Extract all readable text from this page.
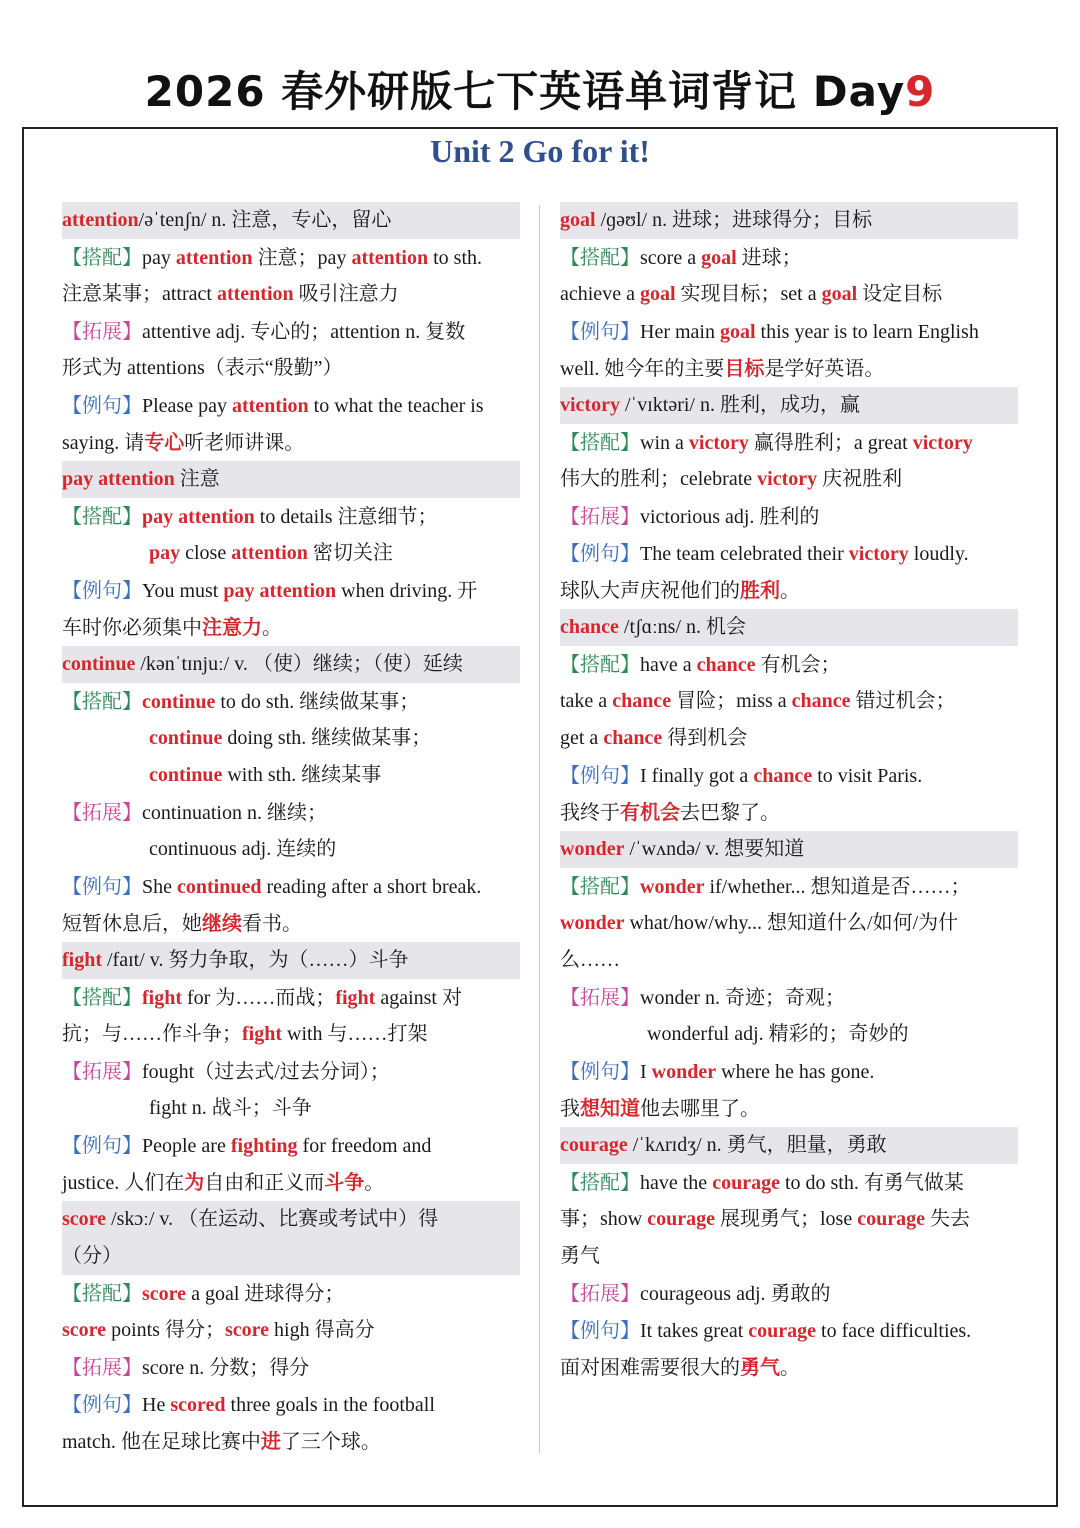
2026 春外研版七下英语单词背记 Day9
Unit 2 Go for it!
attention/əˈtenʃn/ n. 注意，专心，留心
【搭配】pay attention 注意；pay attention to sth.
注意某事；attract attention 吸引注意力
【拓展】attentive adj. 专心的；attention n. 复数
形式为 attentions（表示“殷勤”）
【例句】Please pay attention to what the teacher is
saying. 请专心听老师讲课。
pay attention 注意
【搭配】pay attention to details 注意细节；
pay close attention 密切关注
【例句】You must pay attention when driving. 开
车时你必须集中注意力。
continue /kənˈtɪnjuː/ v. （使）继续；（使）延续
【搭配】continue to do sth. 继续做某事；
continue doing sth. 继续做某事；
continue with sth. 继续某事
【拓展】continuation n. 继续；
continuous adj. 连续的
【例句】She continued reading after a short break.
短暂休息后，她继续看书。
fight /faɪt/ v. 努力争取，为（……）斗争
【搭配】fight for 为……而战；fight against 对
抗；与……作斗争；fight with 与……打架
【拓展】fought（过去式/过去分词）；
fight n. 战斗；斗争
【例句】People are fighting for freedom and
justice. 人们在为自由和正义而斗争。
score /skɔː/ v. （在运动、比赛或考试中）得
（分）
【搭配】score a goal 进球得分；
score points 得分；score high 得高分
【拓展】score n. 分数；得分
【例句】He scored three goals in the football
match. 他在足球比赛中进了三个球。
goal /ɡəʊl/ n. 进球；进球得分；目标
【搭配】score a goal 进球；
achieve a goal 实现目标；set a goal 设定目标
【例句】Her main goal this year is to learn English
well. 她今年的主要目标是学好英语。
victory /ˈvɪktəri/ n. 胜利，成功，赢
【搭配】win a victory 赢得胜利；a great victory
伟大的胜利；celebrate victory 庆祝胜利
【拓展】victorious adj. 胜利的
【例句】The team celebrated their victory loudly.
球队大声庆祝他们的胜利。
chance /tʃɑːns/ n. 机会
【搭配】have a chance 有机会；
take a chance 冒险；miss a chance 错过机会；
get a chance 得到机会
【例句】I finally got a chance to visit Paris.
我终于有机会去巴黎了。
wonder /ˈwʌndə/ v. 想要知道
【搭配】wonder if/whether... 想知道是否……；
wonder what/how/why... 想知道什么/如何/为什
么……
【拓展】wonder n. 奇迹；奇观；
wonderful adj. 精彩的；奇妙的
【例句】I wonder where he has gone.
我想知道他去哪里了。
courage /ˈkʌrɪdʒ/ n. 勇气，胆量，勇敢
【搭配】have the courage to do sth. 有勇气做某
事；show courage 展现勇气；lose courage 失去
勇气
【拓展】courageous adj. 勇敢的
【例句】It takes great courage to face difficulties.
面对困难需要很大的勇气。
